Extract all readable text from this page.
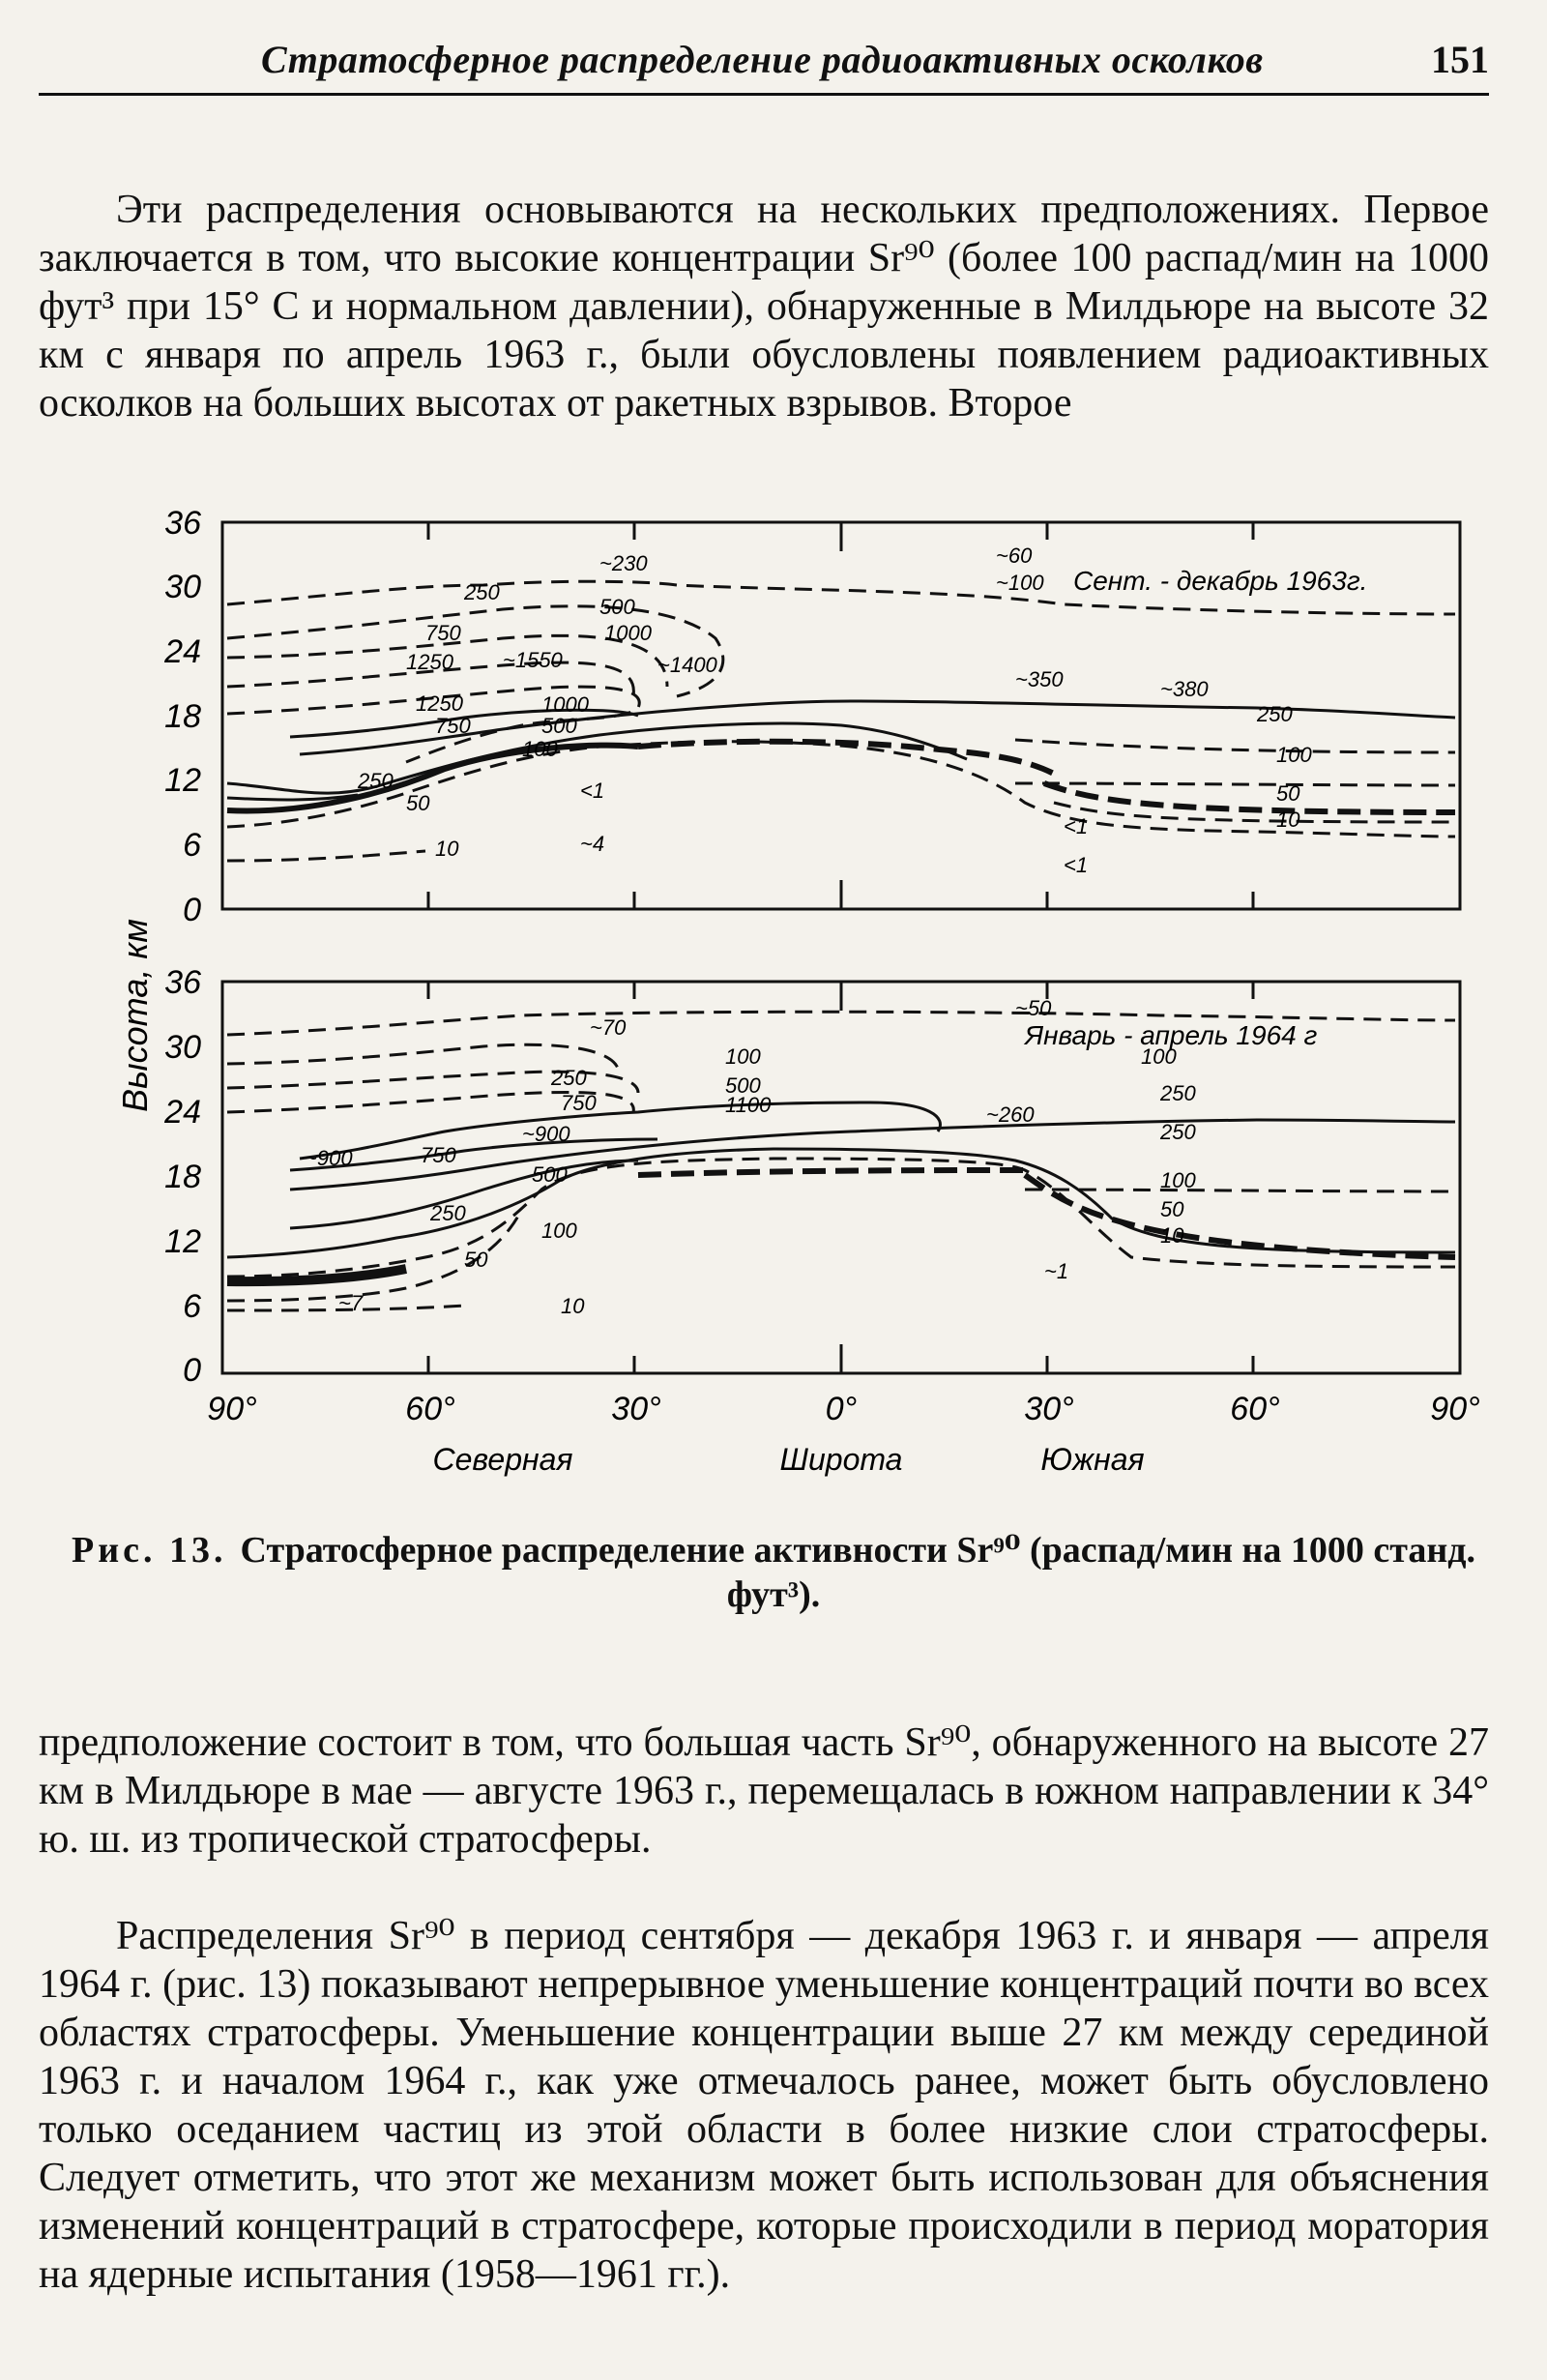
Стратосферное распределение радиоактивных осколков	151

Эти распределения основываются на нескольких предположениях. Первое заключается в том, что высокие концентрации Sr⁹⁰ (более 100 распад/мин на 1000 фут³ при 15° C и нормальном давлении), обнаруженные в Милдьюре на высоте 32 км с января по апрель 1963 г., были обусловлены появлением радиоактивных осколков на больших высотах от ракетных взрывов. Второе

Высота, км
36
30
24
18
12
6
0
36
30
24
18
12
6
0
~230
250
500
750	1000
1250 ~1550	~1400
1250
750
1000
500
100
250
50
<1
10	~4
~60
~100
~350	~380
250
100
50
10
<1
<1
Сент. - декабрь 1963г.
~70
100
~50
100
250	500
750	1100
~900
~900	750
500
250
100
50
~7	10
~260
250
250
100
50
10
~1
Январь - апрель 1964 г
90°	60°	30°	0°	30°	60°	90°
Северная	Широта	Южная
Рис. 13. Стратосферное распределение активности Sr⁹⁰ (распад/мин на 1000 станд. фут³).

предположение состоит в том, что большая часть Sr⁹⁰, обнаруженного на высоте 27 км в Милдьюре в мае — августе 1963 г., перемещалась в южном направлении к 34° ю. ш. из тропической стратосферы.

Распределения Sr⁹⁰ в период сентября — декабря 1963 г. и января — апреля 1964 г. (рис. 13) показывают непрерывное уменьшение концентраций почти во всех областях стратосферы. Уменьшение концентрации выше 27 км между серединой 1963 г. и началом 1964 г., как уже отмечалось ранее, может быть обусловлено только оседанием частиц из этой области в более низкие слои стратосферы. Следует отметить, что этот же механизм может быть использован для объяснения изменений концентраций в стратосфере, которые происходили в период моратория на ядерные испытания (1958—1961 гг.).
